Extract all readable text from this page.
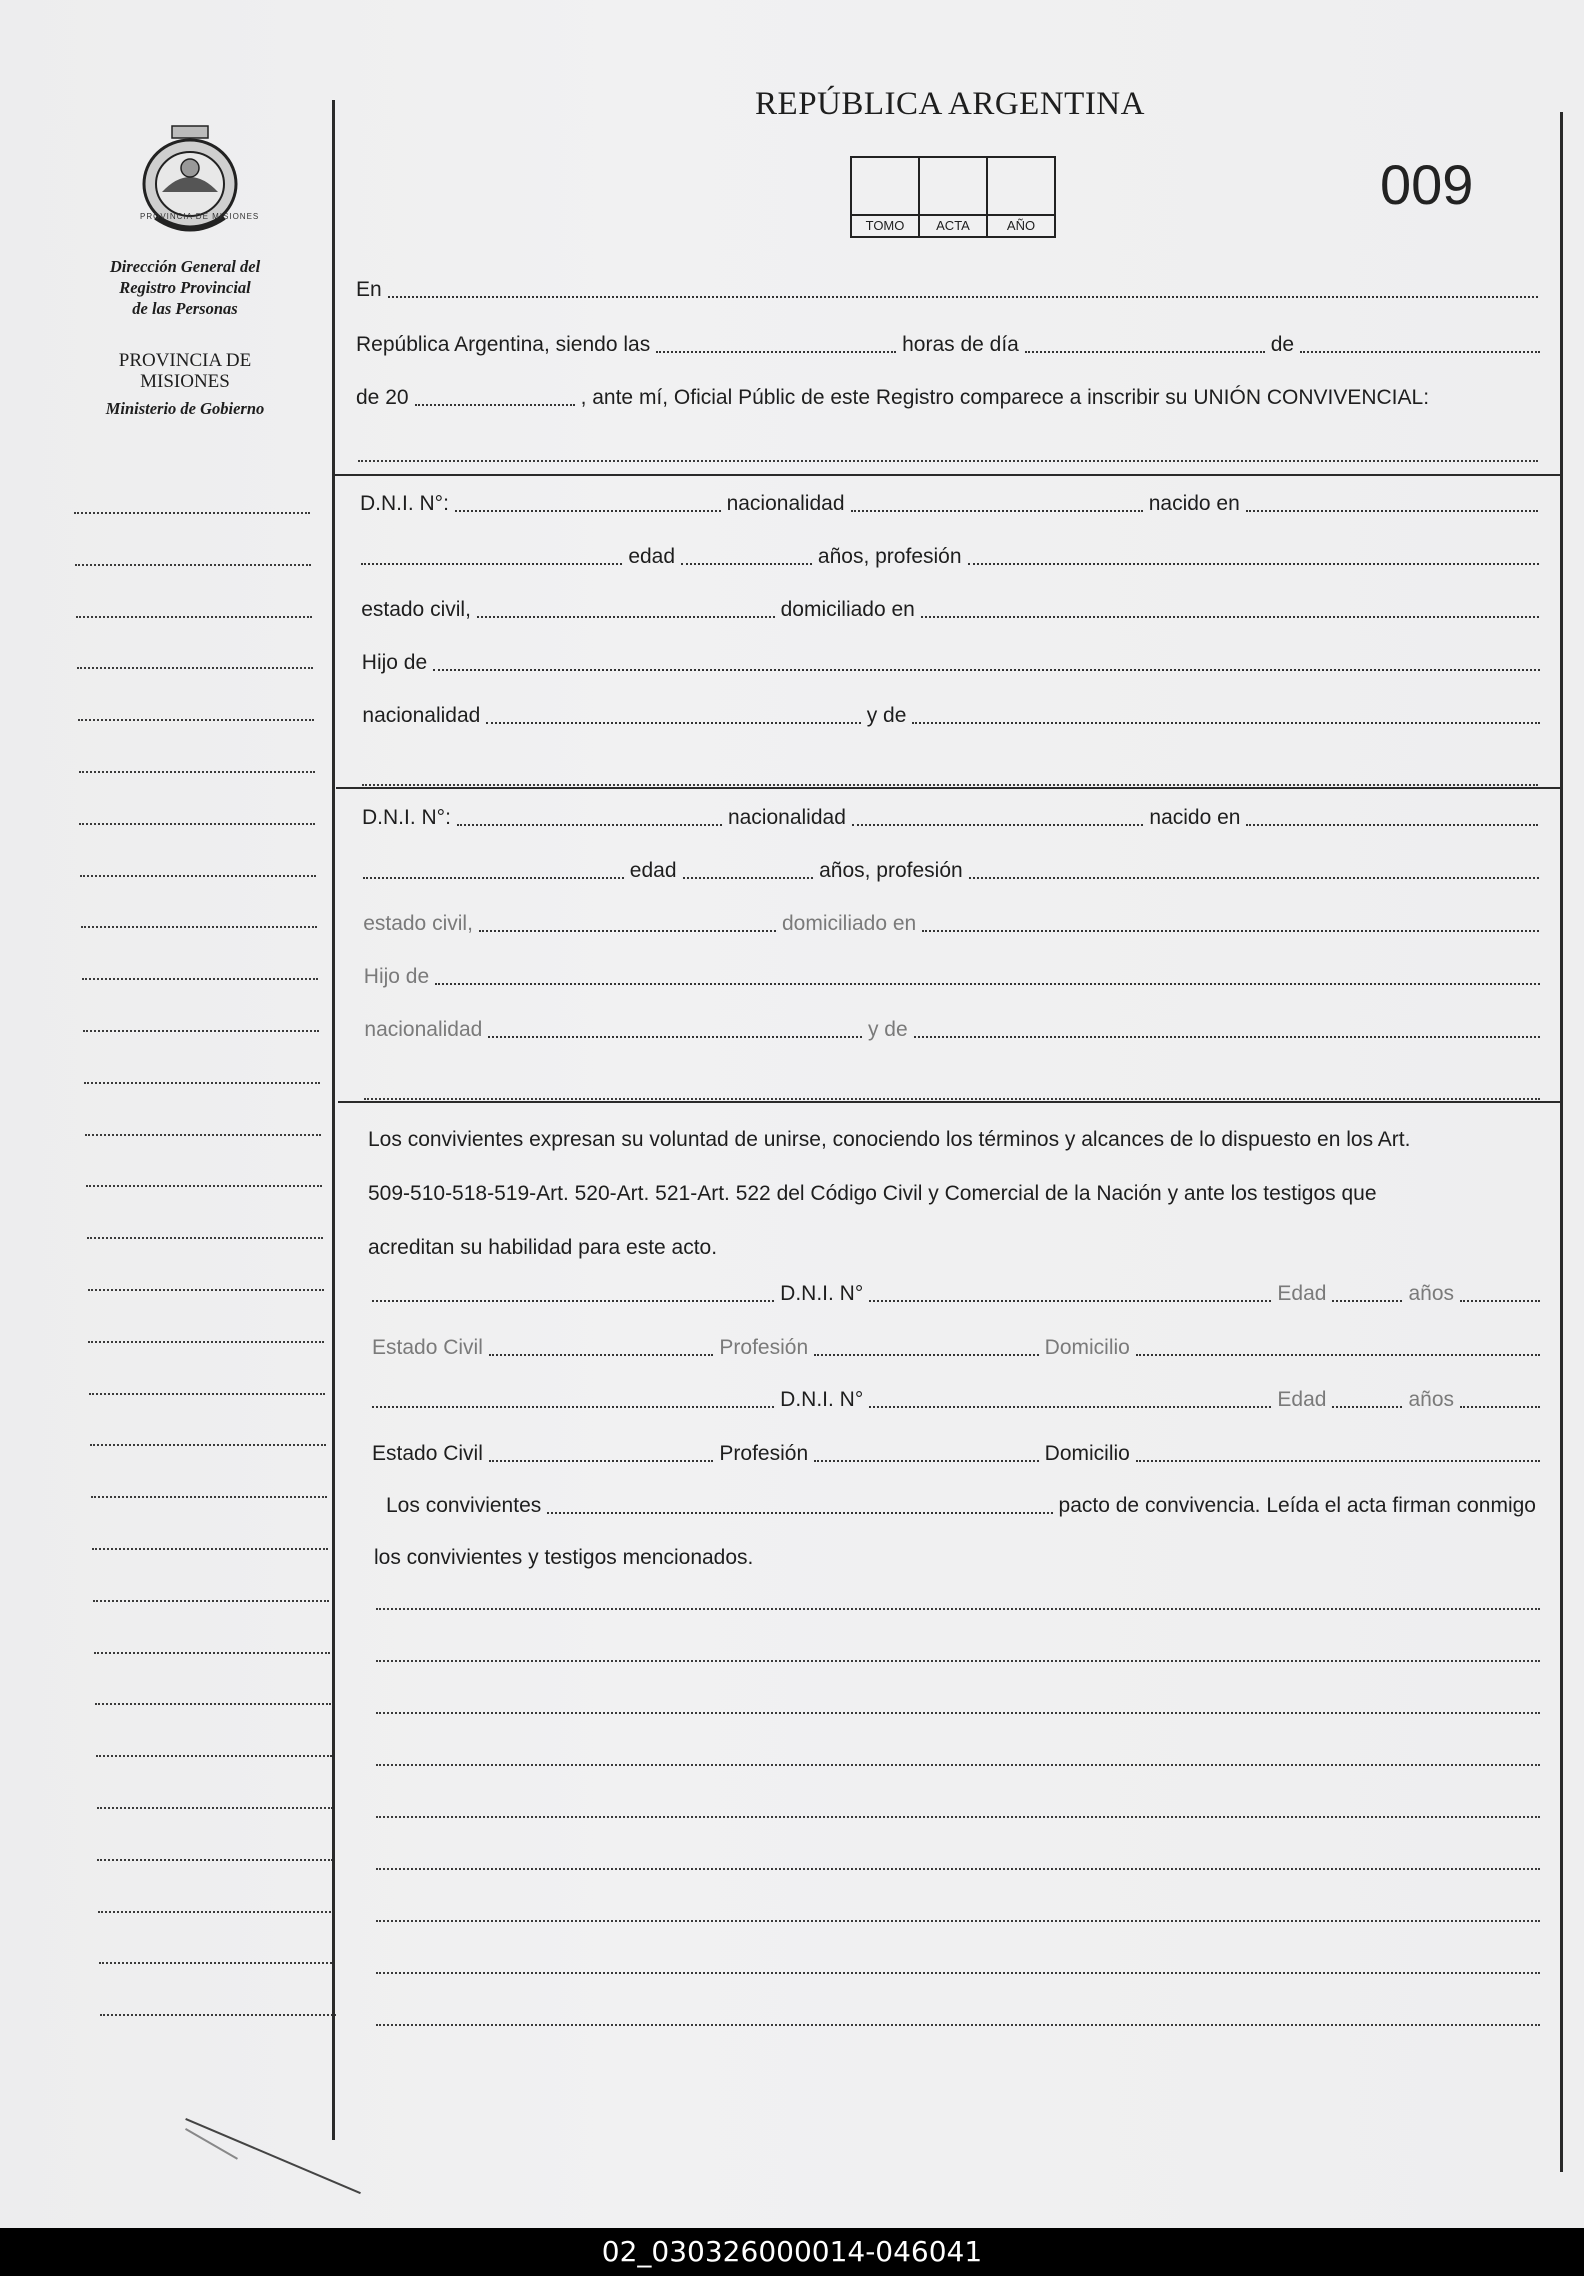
Dirección General del
Registro Provincial
de las Personas
PROVINCIA DE
MISIONES
Ministerio de Gobierno
PROVINCIA DE MISIONES
REPÚBLICA ARGENTINA
TOMO	ACTA	AÑO
009
En
República Argentina, siendo las	horas de día	de
de 20	, ante mí, Oficial Públic de este Registro comparece a inscribir su UNIÓN CONVIVENCIAL:
D.N.I. N°:	nacionalidad	nacido en
edad	años, profesión
estado civil,	domiciliado en
Hijo de
nacionalidad	y de
D.N.I. N°:	nacionalidad	nacido en
edad	años, profesión
estado civil,	domiciliado en
Hijo de
nacionalidad	y de
Los convivientes expresan su voluntad de unirse, conociendo los términos y alcances de lo dispuesto en los Art.
509-510-518-519-Art. 520-Art. 521-Art. 522 del Código Civil y Comercial de la Nación y ante los testigos que
acreditan su habilidad para este acto.
D.N.I. N°	Edad	años
Estado Civil	Profesión	Domicilio
D.N.I. N°	Edad	años
Estado Civil	Profesión	Domicilio
Los convivientes	pacto de convivencia. Leída el acta firman conmigo
los convivientes y testigos mencionados.
02_030326000014-046041
